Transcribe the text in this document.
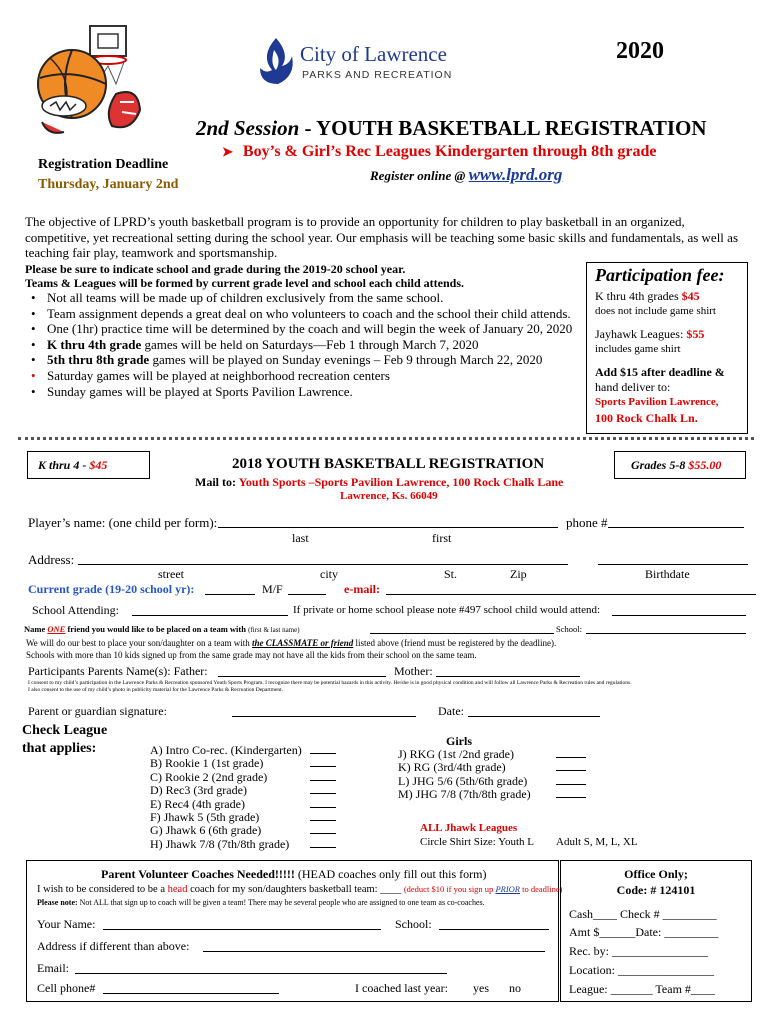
City of Lawrence
PARKS AND RECREATION
2020
2nd Session - YOUTH BASKETBALL REGISTRATION
➤ Boy’s & Girl’s Rec Leagues Kindergarten through 8th grade
Register online @ www.lprd.org
Registration Deadline
Thursday, January 2nd
The objective of LPRD’s youth basketball program is to provide an opportunity for children to play basketball in an organized, competitive, yet recreational setting during the school year. Our emphasis will be teaching some basic skills and fundamentals, as well as teaching fair play, teamwork and sportsmanship.
Please be sure to indicate school and grade during the 2019-20 school year.
Teams & Leagues will be formed by current grade level and school each child attends.
• Not all teams will be made up of children exclusively from the same school.
• Team assignment depends a great deal on who volunteers to coach and the school their child attends.
• One (1hr) practice time will be determined by the coach and will begin the week of January 20, 2020
• K thru 4th grade games will be held on Saturdays—Feb 1 through March 7, 2020
• 5th thru 8th grade games will be played on Sunday evenings – Feb 9 through March 22, 2020
• Saturday games will be played at neighborhood recreation centers
• Sunday games will be played at Sports Pavilion Lawrence.
Participation fee:
K thru 4th grades $45
does not include game shirt
Jayhawk Leagues: $55
includes game shirt
Add $15 after deadline &
hand deliver to:
Sports Pavilion Lawrence,
100 Rock Chalk Ln.
K thru 4 - $45	Grades 5-8 $55.00
2018 YOUTH BASKETBALL REGISTRATION
Mail to: Youth Sports –Sports Pavilion Lawrence, 100 Rock Chalk Lane
Lawrence, Ks. 66049
Player’s name: (one child per form):	phone #
last	first
Address:
street	city	St.	Zip	Birthdate
Current grade (19-20 school yr):	M/F	e-mail:
School Attending:	If private or home school please note #497 school child would attend:
Name ONE friend you would like to be placed on a team with (first & last name)	School:
We will do our best to place your son/daughter on a team with the CLASSMATE or friend listed above (friend must be registered by the deadline).
Schools with more than 10 kids signed up from the same grade may not have all the kids from their school on the same team.
Participants Parents Name(s): Father:	Mother:
I consent to my child’s participation in the Lawrence Parks & Recreation sponsored Youth Sports Program. I recognize there may be potential hazards in this activity. He/she is in good physical condition and will follow all Lawrence Parks & Recreation rules and regulations.
I also consent to the use of my child’s photo in publicity material for the Lawrence Parks & Recreation Department.
Parent or guardian signature:	Date:
Check League
that applies:	A) Intro Co-rec. (Kindergarten)
B) Rookie 1 (1st grade)
C) Rookie 2 (2nd grade)
D) Rec3 (3rd grade)
E) Rec4 (4th grade)
F) Jhawk 5 (5th grade)
G) Jhawk 6 (6th grade)
H) Jhawk 7/8 (7th/8th grade)
Girls
J) RKG (1st /2nd grade)
K) RG (3rd/4th grade)
L) JHG 5/6 (5th/6th grade)
M) JHG 7/8 (7th/8th grade)
ALL Jhawk Leagues
Circle Shirt Size: Youth L Adult S, M, L, XL
Parent Volunteer Coaches Needed!!!!! (HEAD coaches only fill out this form)
I wish to be considered to be a head coach for my son/daughters basketball team: ____ (deduct $10 if you sign up PRIOR to deadline)
Please note: Not ALL that sign up to coach will be given a team! There may be several people who are assigned to one team as co-coaches.
Your Name:	School:
Address if different than above:
Email:
Cell phone#	I coached last year: yes no
Office Only;
Code: # 124101
Cash____ Check # _________
Amt $______Date: _________
Rec. by: ________________
Location: ________________
League: _______ Team #____
